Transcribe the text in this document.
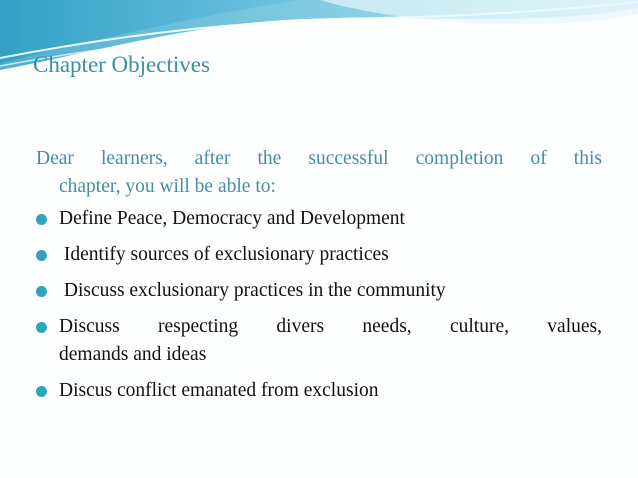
Chapter Objectives
Dear learners, after the successful completion of this
chapter, you will be able to:
Define Peace, Democracy and Development
Identify sources of exclusionary practices
Discuss exclusionary practices in the community
Discuss respecting divers needs, culture, values,
demands and ideas
Discus conflict emanated from exclusion
